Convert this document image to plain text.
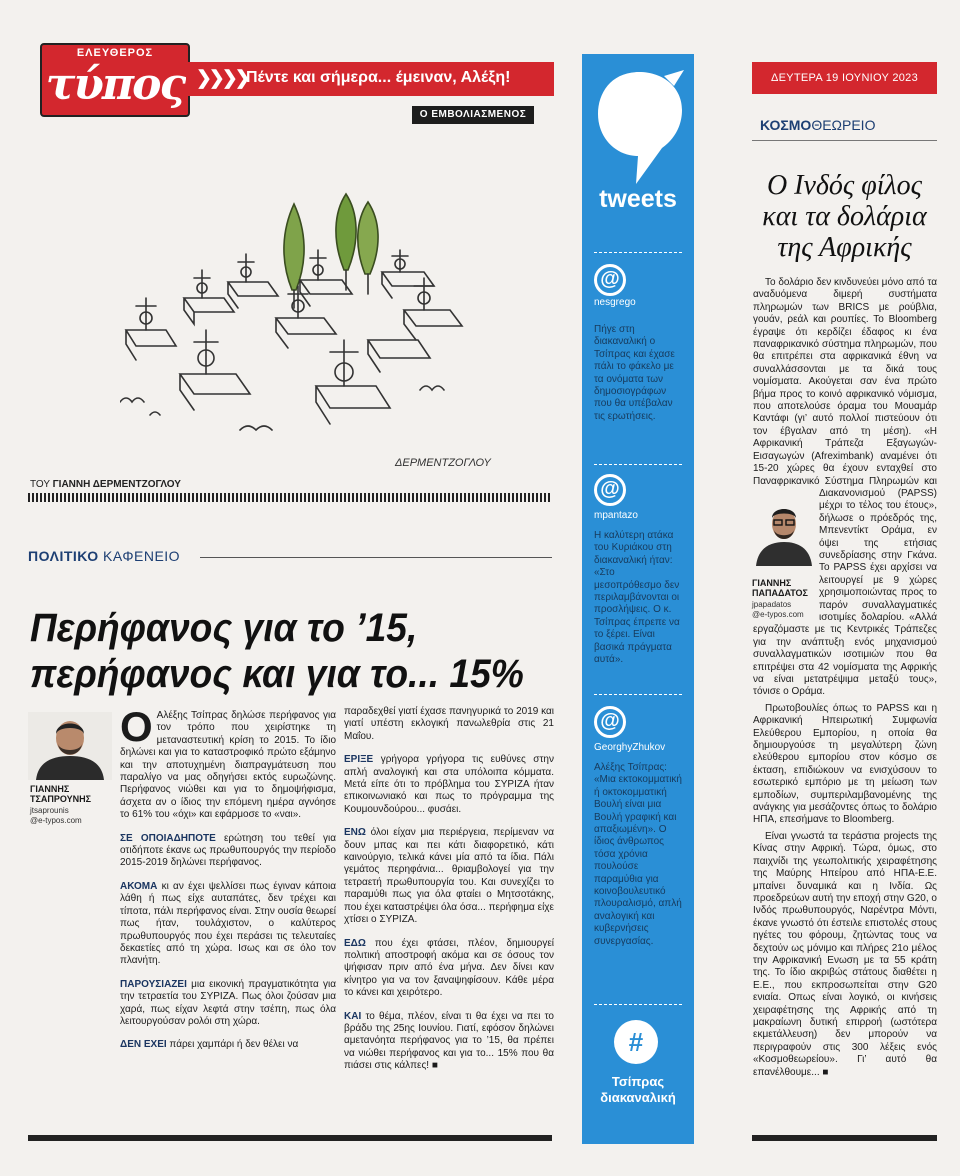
ΕΛΕΥΘΕΡΟΣ
τύπος ❯❯❯❯
Πέντε και σήμερα... έμειναν, Αλέξη!
Ο ΕΜΒΟΛΙΑΣΜΕΝΟΣ
ΔΕΡΜΕΝΤΖΟΓΛΟΥ
ΤΟΥ ΓΙΑΝΝΗ ΔΕΡΜΕΝΤΖΟΓΛΟΥ
ΠΟΛΙΤΙΚΟ ΚΑΦΕΝΕΙΟ
Περήφανος για το ’15,
περήφανος και για το... 15%
ΓΙΑΝΝΗΣ ΤΣΑΠΡΟΥΝΗΣ
jtsaprounis
@e-typos.com

ΟΑλέξης Τσίπρας δηλώσε περήφανος για τον τρόπο που χειρίστηκε τη μεταναστευτική κρίση το 2015. Το ίδιο δηλώνει και για το καταστροφικό πρώτο εξάμηνο και την αποτυχημένη διαπραγμάτευση που παραλίγο να μας οδηγήσει εκτός ευρωζώνης. Περήφανος νιώθει και για το δημοψήφισμα, άσχετα αν ο ίδιος την επόμενη ημέρα αγνόησε το 61% του «όχι» και εφάρμοσε το «ναι».

ΣΕ ΟΠΟΙΑΔΗΠΟΤΕ ερώτηση του τεθεί για οτιδήποτε έκανε ως πρωθυπουργός την περίοδο 2015-2019 δηλώνει περήφανος.

ΑΚΟΜΑ κι αν έχει ψελλίσει πως έγιναν κάποια λάθη ή πως είχε αυταπάτες, δεν τρέχει και τίποτα, πάλι περήφανος είναι. Στην ουσία θεωρεί πως ήταν, τουλάχιστον, ο καλύτερος πρωθυπουργός που έχει περάσει τις τελευταίες δεκαετίες από τη χώρα. Ισως και σε όλο τον πλανήτη.

ΠΑΡΟΥΣΙΑΖΕΙ μια εικονική πραγματικότητα για την τετραετία του ΣΥΡΙΖΑ. Πως όλοι ζούσαν μια χαρά, πως είχαν λεφτά στην τσέπη, πως όλα λειτουργούσαν ρολόι στη χώρα.

ΔΕΝ ΕΧΕΙ πάρει χαμπάρι ή δεν θέλει να

παραδεχθεί γιατί έχασε πανηγυρικά το 2019 και γιατί υπέστη εκλογική πανωλεθρία στις 21 Μαΐου.

ΕΡΙΞΕ γρήγορα γρήγορα τις ευθύνες στην απλή αναλογική και στα υπόλοιπα κόμματα. Μετά είπε ότι το πρόβλημα του ΣΥΡΙΖΑ ήταν επικοινωνιακό και πως το πρόγραμμα της Κουμουνδούρου... φυσάει.

ΕΝΩ όλοι είχαν μια περιέργεια, περίμεναν να δουν μπας και πει κάτι διαφορετικό, κάτι καινούργιο, τελικά κάνει μία από τα ίδια. Πάλι γεμάτος περηφάνια... θριαμβολογεί για την τετραετή πρωθυπουργία του. Και συνεχίζει το παραμύθι πως για όλα φταίει ο Μητσοτάκης, που έχει καταστρέψει όλα όσα... περήφημα είχε χτίσει ο ΣΥΡΙΖΑ.

ΕΔΩ που έχει φτάσει, πλέον, δημιουργεί πολιτική αποστροφή ακόμα και σε όσους τον ψήφισαν πριν από ένα μήνα. Δεν δίνει καν κίνητρο για να τον ξαναψηφίσουν. Κάθε μέρα το κάνει και χειρότερο.

ΚΑΙ το θέμα, πλέον, είναι τι θα έχει να πει το βράδυ της 25ης Ιουνίου. Γιατί, εφόσον δηλώνει αμετανόητα περήφανος για το ’15, θα πρέπει να νιώθει περήφανος και για το... 15% που θα πιάσει στις κάλπες! ■

tweets
@
nesgrego
Πήγε στη διακαναλική ο Τσίπρας και έχασε πάλι το φάκελο με τα ονόματα των δημοσιογράφων που θα υπέβαλαν τις ερωτήσεις.
@
mpantazo
Η καλύτερη ατάκα του Κυριάκου στη διακαναλική ήταν: «Στο μεσοπρόθεσμο δεν περιλαμβάνονται οι προσλήψεις. Ο κ. Τσίπρας έπρεπε να το ξέρει. Είναι βασικά πράγματα αυτά».
@
GeorghyZhukov
Αλέξης Τσίπρας: «Μια εκτοκομματική ή οκτοκομματική Βουλή είναι μια Βουλή γραφική και απαξιωμένη». Ο ίδιος άνθρωπος τόσα χρόνια πουλούσε παραμύθια για κοινοβουλευτικό πλουραλισμό, απλή αναλογική και κυβερνήσεις συνεργασίας.
#
Τσίπρας
διακαναλική
ΔΕΥΤΕΡΑ 19 ΙΟΥΝΙΟΥ 2023
ΚΟΣΜΟΘΕΩΡΕΙΟ
Ο Ινδός φίλος
και τα δολάρια
της Αφρικής

Το δολάριο δεν κινδυνεύει μόνο από τα αναδυόμενα διμερή συστήματα πληρωμών των BRICS με ρούβλια, γουάν, ρεάλ και ρουπίες. Το Bloomberg έγραψε ότι κερδίζει έδαφος κι ένα παναφρικανικό σύστημα πληρωμών, που θα επιτρέπει στα αφρικανικά έθνη να συναλλάσσονται με τα δικά τους νομίσματα. Ακούγεται σαν ένα πρώτο βήμα προς το κοινό αφρικανικό νόμισμα, που αποτελούσε όραμα του Μουαμάρ Καντάφι (γι’ αυτό πολλοί πιστεύουν ότι τον έβγαλαν από τη μέση). «Η Αφρικανική Τράπεζα Εξαγωγών-Εισαγωγών (Afreximbank) αναμένει ότι 15-20 χώρες θα έχουν ενταχθεί στο Παναφρικανικό Σύστημα Πληρωμών και Διακανονισμού (PAPSS) μέχρι το τέλος του έτους», δήλωσε ο πρόεδρός της, Μπενεντίκτ Οράμα, εν όψει της ετήσιας συνεδρίασης στην Γκάνα. Το PAPSS έχει αρχίσει να λειτουργεί με 9 χώρες χρησιμοποιώντας προς το παρόν συναλλαγματικές ισοτιμίες δολαρίου. «Αλλά εργαζόμαστε με τις Κεντρικές Τράπεζες για την ανάπτυξη ενός μηχανισμού συναλλαγματικών ισοτιμιών που θα επιτρέψει στα 42 νομίσματα της Αφρικής να είναι μετατρέψιμα μεταξύ τους», τόνισε ο Οράμα.

Πρωτοβουλίες όπως το PAPSS και η Αφρικανική Ηπειρωτική Συμφωνία Ελεύθερου Εμπορίου, η οποία θα δημιουργούσε τη μεγαλύτερη ζώνη ελεύθερου εμπορίου στον κόσμο σε έκταση, επιδιώκουν να ενισχύσουν το εσωτερικό εμπόριο με τη μείωση των εμποδίων, συμπεριλαμβανομένης της ανάγκης για μεσάζοντες όπως το δολάριο ΗΠΑ, επεσήμανε το Bloomberg.

Είναι γνωστά τα τεράστια projects της Κίνας στην Αφρική. Τώρα, όμως, στο παιχνίδι της γεωπολιτικής χειραφέτησης της Μαύρης Ηπείρου από ΗΠΑ-Ε.Ε. μπαίνει δυναμικά και η Ινδία. Ως προεδρεύων αυτή την εποχή στην G20, ο Ινδός πρωθυπουργός, Ναρέντρα Μόντι, έκανε γνωστό ότι έστειλε επιστολές στους ηγέτες του φόρουμ, ζητώντας τους να δεχτούν ως μόνιμο και πλήρες 21ο μέλος την Αφρικανική Ενωση με τα 55 κράτη της. Το ίδιο ακριβώς στάτους διαθέτει η Ε.Ε., που εκπροσωπείται στην G20 ενιαία. Οπως είναι λογικό, οι κινήσεις χειραφέτησης της Αφρικής από τη μακραίωνη δυτική επιρροή (ωστότερα εκμετάλλευση) δεν μπορούν να περιγραφούν στις 300 λέξεις ενός «Κοσμοθεωρείου». Γι’ αυτό θα επανέλθουμε... ■

ΓΙΑΝΝΗΣ ΠΑΠΑΔΑΤΟΣ
jpapadatos
@e-typos.com
